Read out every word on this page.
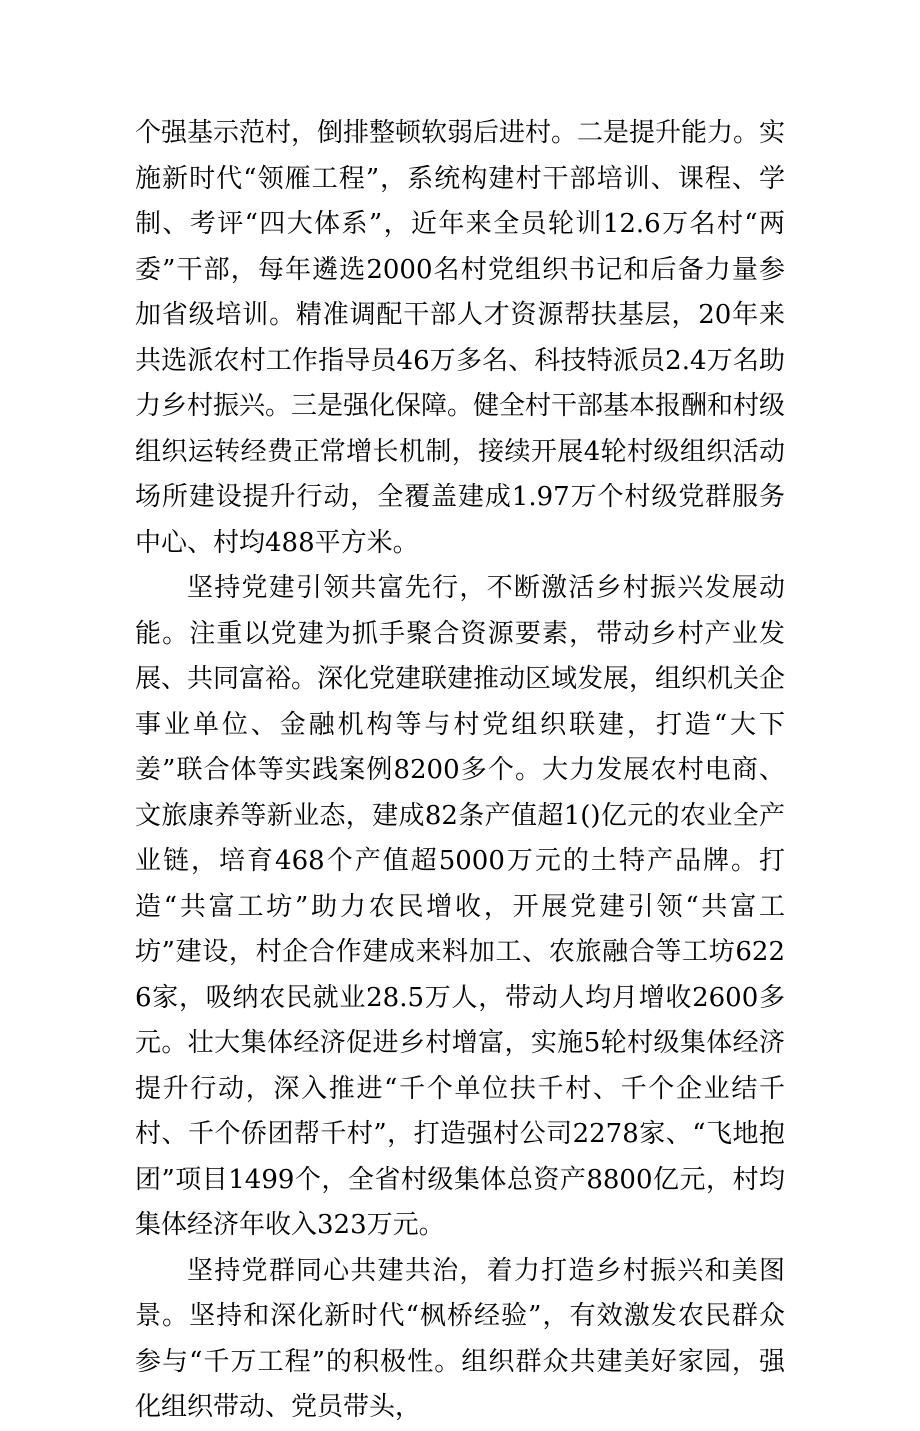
个强基示范村，倒排整顿软弱后进村。二是提升能力。实施新时代“领雁工程”，系统构建村干部培训、课程、学制、考评“四大体系”，近年来全员轮训12.6万名村“两委”干部，每年遴选2000名村党组织书记和后备力量参加省级培训。精准调配干部人才资源帮扶基层，20年来共选派农村工作指导员46万多名、科技特派员2.4万名助力乡村振兴。三是强化保障。健全村干部基本报酬和村级组织运转经费正常增长机制，接续开展4轮村级组织活动场所建设提升行动，全覆盖建成1.97万个村级党群服务中心、村均488平方米。

坚持党建引领共富先行，不断激活乡村振兴发展动能。注重以党建为抓手聚合资源要素，带动乡村产业发展、共同富裕。深化党建联建推动区域发展，组织机关企事业单位、金融机构等与村党组织联建，打造“大下姜”联合体等实践案例8200多个。大力发展农村电商、文旅康养等新业态，建成82条产值超1()亿元的农业全产业链，培育468个产值超5000万元的土特产品牌。打造“共富工坊”助力农民增收，开展党建引领“共富工坊”建设，村企合作建成来料加工、农旅融合等工坊6226家，吸纳农民就业28.5万人，带动人均月增收2600多元。壮大集体经济促进乡村增富，实施5轮村级集体经济提升行动，深入推进“千个单位扶千村、千个企业结千村、千个侨团帮千村”，打造强村公司2278家、“飞地抱团”项目1499个，全省村级集体总资产8800亿元，村均集体经济年收入323万元。

坚持党群同心共建共治，着力打造乡村振兴和美图景。坚持和深化新时代“枫桥经验”，有效激发农民群众参与“千万工程”的积极性。组织群众共建美好家园，强化组织带动、党员带头，
